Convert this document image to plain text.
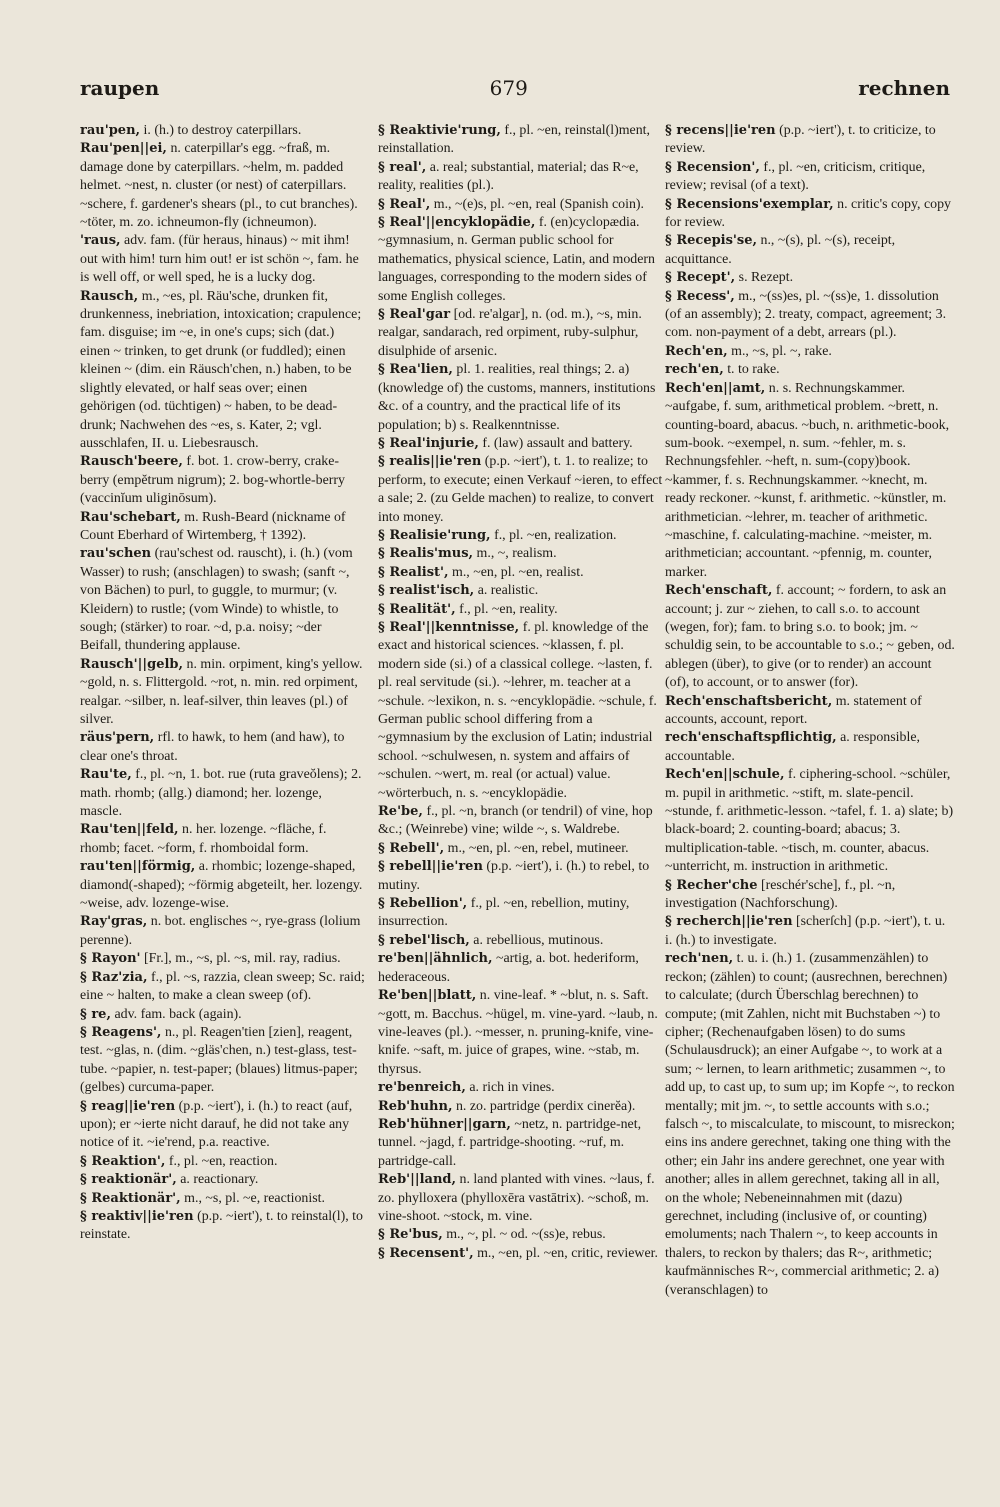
raupen	679	rechnen

rau'pen, i. (h.) to destroy caterpillars.

Rau'pen||ei, n. caterpillar's egg. ~fraß, m. damage done by caterpillars. ~helm, m. padded helmet. ~nest, n. cluster (or nest) of caterpillars. ~schere, f. gardener's shears (pl., to cut branches). ~töter, m. zo. ichneumon-fly (ichneumon).

'raus, adv. fam. (für heraus, hinaus) ~ mit ihm! out with him! turn him out! er ist schön ~, fam. he is well off, or well sped, he is a lucky dog.

Rausch, m., ~es, pl. Räu'sche, drunken fit, drunkenness, inebriation, intoxication; crapulence; fam. disguise; im ~e, in one's cups; sich (dat.) einen ~ trinken, to get drunk (or fuddled); einen kleinen ~ (dim. ein Räusch'chen, n.) haben, to be slightly elevated, or half seas over; einen gehörigen (od. tüchtigen) ~ haben, to be dead-drunk; Nachwehen des ~es, s. Kater, 2; vgl. ausschlafen, II. u. Liebesrausch.

Rausch'beere, f. bot. 1. crow-berry, crake-berry (empĕtrum nigrum); 2. bog-whortle-berry (vaccinĭum uliginōsum).

Rau'schebart, m. Rush-Beard (nickname of Count Eberhard of Wirtemberg, † 1392).

rau'schen (rau'schest od. rauscht), i. (h.) (vom Wasser) to rush; (anschlagen) to swash; (sanft ~, von Bächen) to purl, to guggle, to murmur; (v. Kleidern) to rustle; (vom Winde) to whistle, to sough; (stärker) to roar. ~d, p.a. noisy; ~der Beifall, thundering applause.

Rausch'||gelb, n. min. orpiment, king's yellow. ~gold, n. s. Flittergold. ~rot, n. min. red orpiment, realgar. ~silber, n. leaf-silver, thin leaves (pl.) of silver.

räus'pern, rfl. to hawk, to hem (and haw), to clear one's throat.

Rau'te, f., pl. ~n, 1. bot. rue (ruta graveŏlens); 2. math. rhomb; (allg.) diamond; her. lozenge, mascle.

Rau'ten||feld, n. her. lozenge. ~fläche, f. rhomb; facet. ~form, f. rhomboidal form.

rau'ten||förmig, a. rhombic; lozenge-shaped, diamond(-shaped); ~förmig abgeteilt, her. lozengy. ~weise, adv. lozenge-wise.

Ray'gras, n. bot. englisches ~, rye-grass (lolium perenne).

§ Rayon' [Fr.], m., ~s, pl. ~s, mil. ray, radius.

§ Raz'zia, f., pl. ~s, razzia, clean sweep; Sc. raid; eine ~ halten, to make a clean sweep (of).

§ re, adv. fam. back (again).

§ Reagens', n., pl. Reagen'tien [zien], reagent, test. ~glas, n. (dim. ~gläs'chen, n.) test-glass, test-tube. ~papier, n. test-paper; (blaues) litmus-paper; (gelbes) curcuma-paper.

§ reag||ie'ren (p.p. ~iert'), i. (h.) to react (auf, upon); er ~ierte nicht darauf, he did not take any notice of it. ~ie'rend, p.a. reactive.

§ Reaktion', f., pl. ~en, reaction.

§ reaktionär', a. reactionary.

§ Reaktionär', m., ~s, pl. ~e, reactionist.

§ reaktiv||ie'ren (p.p. ~iert'), t. to reinstal(l), to reinstate.

§ Reaktivie'rung, f., pl. ~en, reinstal(l)ment, reinstallation.

§ real', a. real; substantial, material; das R~e, reality, realities (pl.).

§ Real', m., ~(e)s, pl. ~en, real (Spanish coin).

§ Real'||encyklopädie, f. (en)cyclopædia. ~gymnasium, n. German public school for mathematics, physical science, Latin, and modern languages, corresponding to the modern sides of some English colleges.

§ Real'gar [od. re'algar], n. (od. m.), ~s, min. realgar, sandarach, red orpiment, ruby-sulphur, disulphide of arsenic.

§ Rea'lien, pl. 1. realities, real things; 2. a) (knowledge of) the customs, manners, institutions &c. of a country, and the practical life of its population; b) s. Realkenntnisse.

§ Real'injurie, f. (law) assault and battery.

§ realis||ie'ren (p.p. ~iert'), t. 1. to realize; to perform, to execute; einen Verkauf ~ieren, to effect a sale; 2. (zu Gelde machen) to realize, to convert into money.

§ Realisie'rung, f., pl. ~en, realization.

§ Realis'mus, m., ~, realism.

§ Realist', m., ~en, pl. ~en, realist.

§ realist'isch, a. realistic.

§ Realität', f., pl. ~en, reality.

§ Real'||kenntnisse, f. pl. knowledge of the exact and historical sciences. ~klassen, f. pl. modern side (si.) of a classical college. ~lasten, f. pl. real servitude (si.). ~lehrer, m. teacher at a ~schule. ~lexikon, n. s. ~encyklopädie. ~schule, f. German public school differing from a ~gymnasium by the exclusion of Latin; industrial school. ~schulwesen, n. system and affairs of ~schulen. ~wert, m. real (or actual) value. ~wörterbuch, n. s. ~encyklopädie.

Re'be, f., pl. ~n, branch (or tendril) of vine, hop &c.; (Weinrebe) vine; wilde ~, s. Waldrebe.

§ Rebell', m., ~en, pl. ~en, rebel, mutineer.

§ rebell||ie'ren (p.p. ~iert'), i. (h.) to rebel, to mutiny.

§ Rebellion', f., pl. ~en, rebellion, mutiny, insurrection.

§ rebel'lisch, a. rebellious, mutinous.

re'ben||ähnlich, ~artig, a. bot. hederiform, hederaceous.

Re'ben||blatt, n. vine-leaf. * ~blut, n. s. Saft. ~gott, m. Bacchus. ~hügel, m. vine-yard. ~laub, n. vine-leaves (pl.). ~messer, n. pruning-knife, vine-knife. ~saft, m. juice of grapes, wine. ~stab, m. thyrsus.

re'benreich, a. rich in vines.

Reb'huhn, n. zo. partridge (perdix cinerĕa).

Reb'hühner||garn, ~netz, n. partridge-net, tunnel. ~jagd, f. partridge-shooting. ~ruf, m. partridge-call.

Reb'||land, n. land planted with vines. ~laus, f. zo. phylloxera (phylloxēra vastātrix). ~schoß, m. vine-shoot. ~stock, m. vine.

§ Re'bus, m., ~, pl. ~ od. ~(ss)e, rebus.

§ Recensent', m., ~en, pl. ~en, critic, reviewer.

§ recens||ie'ren (p.p. ~iert'), t. to criticize, to review.

§ Recension', f., pl. ~en, criticism, critique, review; revisal (of a text).

§ Recensions'exemplar, n. critic's copy, copy for review.

§ Recepis'se, n., ~(s), pl. ~(s), receipt, acquittance.

§ Recept', s. Rezept.

§ Recess', m., ~(ss)es, pl. ~(ss)e, 1. dissolution (of an assembly); 2. treaty, compact, agreement; 3. com. non-payment of a debt, arrears (pl.).

Rech'en, m., ~s, pl. ~, rake.

rech'en, t. to rake.

Rech'en||amt, n. s. Rechnungskammer. ~aufgabe, f. sum, arithmetical problem. ~brett, n. counting-board, abacus. ~buch, n. arithmetic-book, sum-book. ~exempel, n. sum. ~fehler, m. s. Rechnungsfehler. ~heft, n. sum-(copy)book. ~kammer, f. s. Rechnungskammer. ~knecht, m. ready reckoner. ~kunst, f. arithmetic. ~künstler, m. arithmetician. ~lehrer, m. teacher of arithmetic. ~maschine, f. calculating-machine. ~meister, m. arithmetician; accountant. ~pfennig, m. counter, marker.

Rech'enschaft, f. account; ~ fordern, to ask an account; j. zur ~ ziehen, to call s.o. to account (wegen, for); fam. to bring s.o. to book; jm. ~ schuldig sein, to be accountable to s.o.; ~ geben, od. ablegen (über), to give (or to render) an account (of), to account, or to answer (for).

Rech'enschaftsbericht, m. statement of accounts, account, report.

rech'enschaftspflichtig, a. responsible, accountable.

Rech'en||schule, f. ciphering-school. ~schüler, m. pupil in arithmetic. ~stift, m. slate-pencil. ~stunde, f. arithmetic-lesson. ~tafel, f. 1. a) slate; b) black-board; 2. counting-board; abacus; 3. multiplication-table. ~tisch, m. counter, abacus. ~unterricht, m. instruction in arithmetic.

§ Recher'che [reschér'sche], f., pl. ~n, investigation (Nachforschung).

§ recherch||ie'ren [scherſch] (p.p. ~iert'), t. u. i. (h.) to investigate.

rech'nen, t. u. i. (h.) 1. (zusammenzählen) to reckon; (zählen) to count; (ausrechnen, berechnen) to calculate; (durch Überschlag berechnen) to compute; (mit Zahlen, nicht mit Buchstaben ~) to cipher; (Rechenaufgaben lösen) to do sums (Schulausdruck); an einer Aufgabe ~, to work at a sum; ~ lernen, to learn arithmetic; zusammen ~, to add up, to cast up, to sum up; im Kopfe ~, to reckon mentally; mit jm. ~, to settle accounts with s.o.; falsch ~, to miscalculate, to miscount, to misreckon; eins ins andere gerechnet, taking one thing with the other; ein Jahr ins andere gerechnet, one year with another; alles in allem gerechnet, taking all in all, on the whole; Nebeneinnahmen mit (dazu) gerechnet, including (inclusive of, or counting) emoluments; nach Thalern ~, to keep accounts in thalers, to reckon by thalers; das R~, arithmetic; kaufmännisches R~, commercial arithmetic; 2. a) (veranschlagen) to
